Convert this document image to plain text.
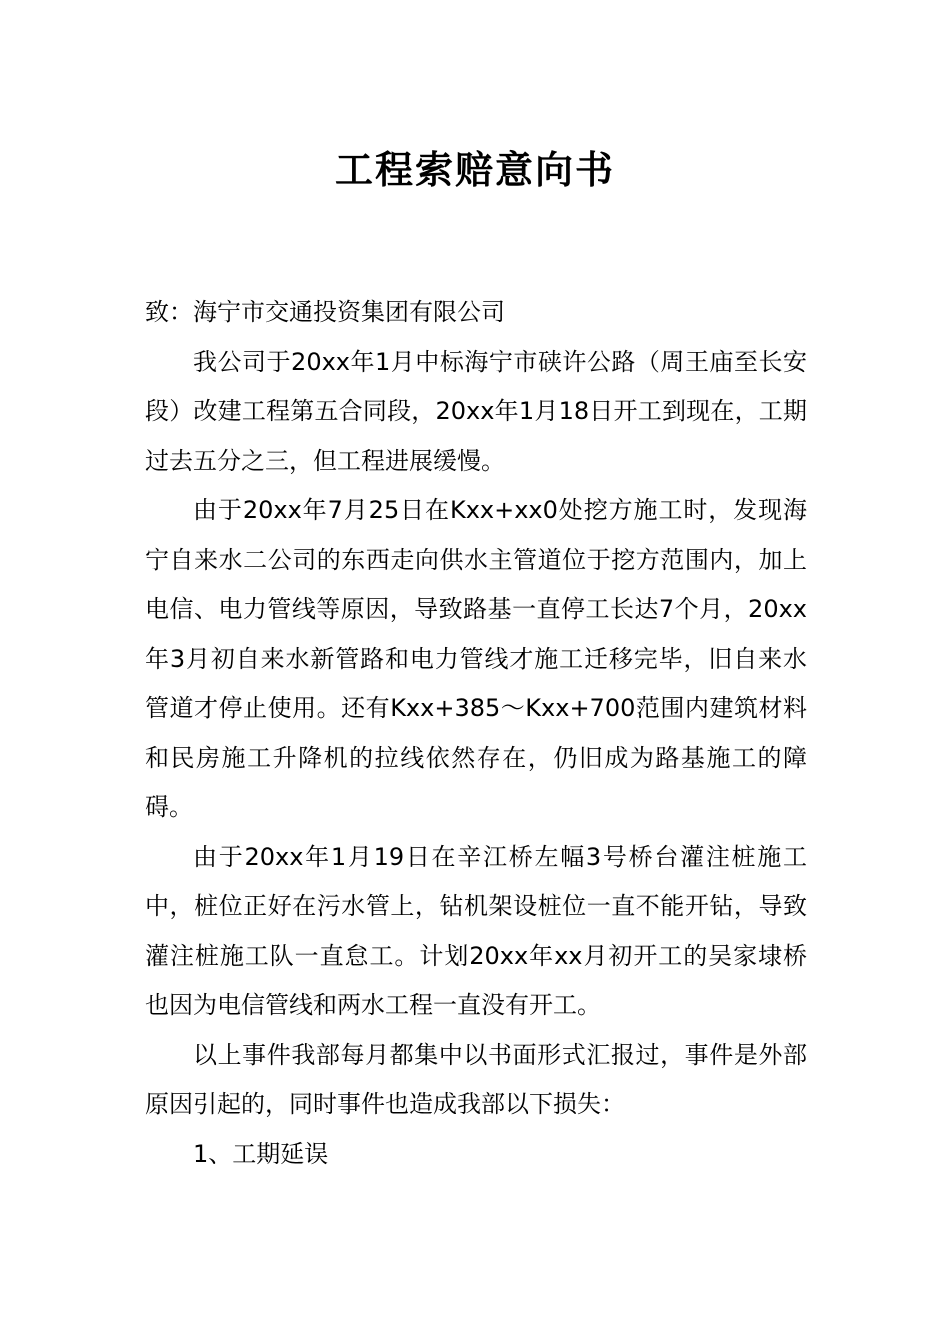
工程索赔意向书

致：海宁市交通投资集团有限公司

我公司于20xx年1月中标海宁市硖许公路（周王庙至长安段）改建工程第五合同段，20xx年1月18日开工到现在，工期过去五分之三，但工程进展缓慢。

由于20xx年7月25日在Kxx+xx0处挖方施工时，发现海宁自来水二公司的东西走向供水主管道位于挖方范围内，加上电信、电力管线等原因，导致路基一直停工长达7个月，20xx年3月初自来水新管路和电力管线才施工迁移完毕，旧自来水管道才停止使用。还有Kxx+385～Kxx+700范围内建筑材料和民房施工升降机的拉线依然存在，仍旧成为路基施工的障碍。

由于20xx年1月19日在辛江桥左幅3号桥台灌注桩施工中，桩位正好在污水管上，钻机架设桩位一直不能开钻，导致灌注桩施工队一直怠工。计划20xx年xx月初开工的吴家埭桥也因为电信管线和两水工程一直没有开工。

以上事件我部每月都集中以书面形式汇报过，事件是外部原因引起的，同时事件也造成我部以下损失：

1、工期延误
